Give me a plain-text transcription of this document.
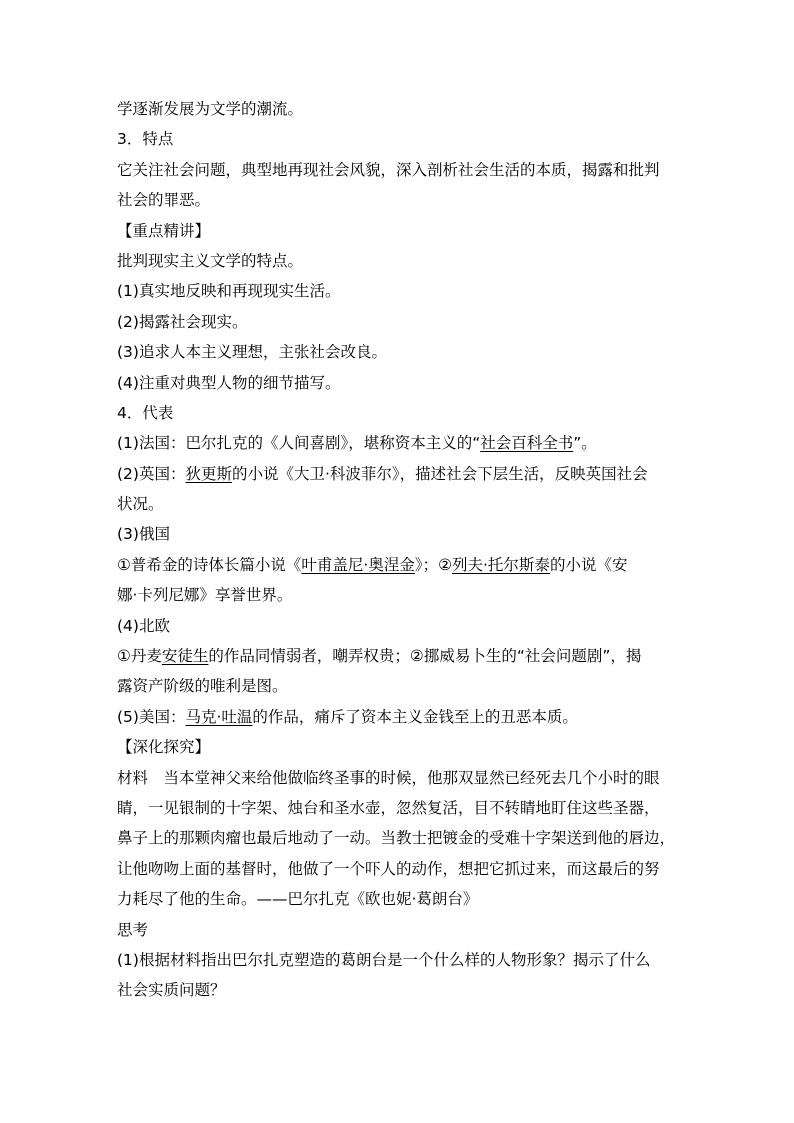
学逐渐发展为文学的潮流。
3．特点
它关注社会问题，典型地再现社会风貌，深入剖析社会生活的本质，揭露和批判
社会的罪恶。
【重点精讲】
批判现实主义文学的特点。
(1)真实地反映和再现现实生活。
(2)揭露社会现实。
(3)追求人本主义理想，主张社会改良。
(4)注重对典型人物的细节描写。
4．代表
(1)法国：巴尔扎克的《人间喜剧》，堪称资本主义的“社会百科全书”。
(2)英国：狄更斯的小说《大卫·科波菲尔》，描述社会下层生活，反映英国社会
状况。
(3)俄国
①普希金的诗体长篇小说《叶甫盖尼·奥涅金》；②列夫·托尔斯泰的小说《安
娜·卡列尼娜》享誉世界。
(4)北欧
①丹麦安徒生的作品同情弱者，嘲弄权贵；②挪威易卜生的“社会问题剧”，揭
露资产阶级的唯利是图。
(5)美国：马克·吐温的作品，痛斥了资本主义金钱至上的丑恶本质。
【深化探究】
材料　当本堂神父来给他做临终圣事的时候，他那双显然已经死去几个小时的眼
睛，一见银制的十字架、烛台和圣水壶，忽然复活，目不转睛地盯住这些圣器，
鼻子上的那颗肉瘤也最后地动了一动。当教士把镀金的受难十字架送到他的唇边，
让他吻吻上面的基督时，他做了一个吓人的动作，想把它抓过来，而这最后的努
力耗尽了他的生命。——巴尔扎克《欧也妮·葛朗台》
思考
(1)根据材料指出巴尔扎克塑造的葛朗台是一个什么样的人物形象？揭示了什么
社会实质问题？
